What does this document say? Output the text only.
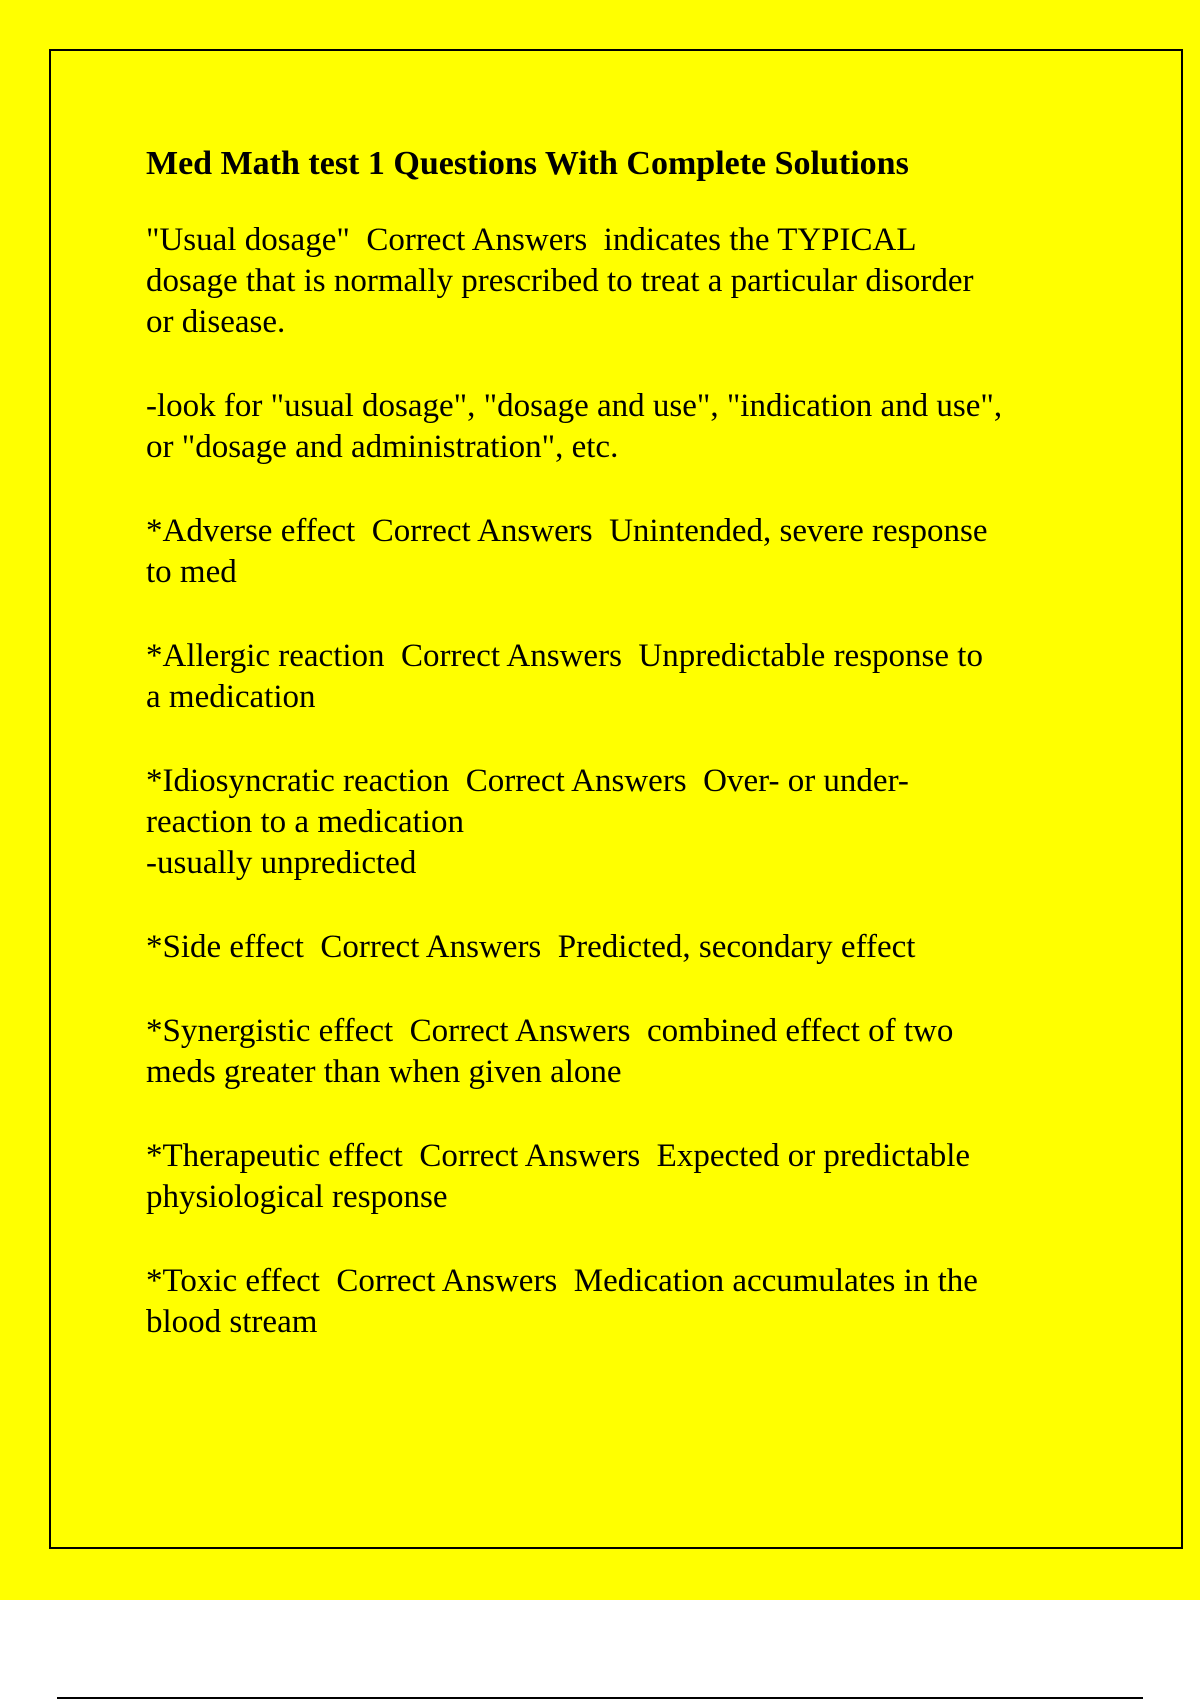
Med Math test 1 Questions With Complete Solutions
"Usual dosage"  Correct Answers  indicates the TYPICAL
dosage that is normally prescribed to treat a particular disorder
or disease.
-look for "usual dosage", "dosage and use", "indication and use",
or "dosage and administration", etc.
*Adverse effect  Correct Answers  Unintended, severe response
to med
*Allergic reaction  Correct Answers  Unpredictable response to
a medication
*Idiosyncratic reaction  Correct Answers  Over- or under-
reaction to a medication
-usually unpredicted
*Side effect  Correct Answers  Predicted, secondary effect
*Synergistic effect  Correct Answers  combined effect of two
meds greater than when given alone
*Therapeutic effect  Correct Answers  Expected or predictable
physiological response
*Toxic effect  Correct Answers  Medication accumulates in the
blood stream
